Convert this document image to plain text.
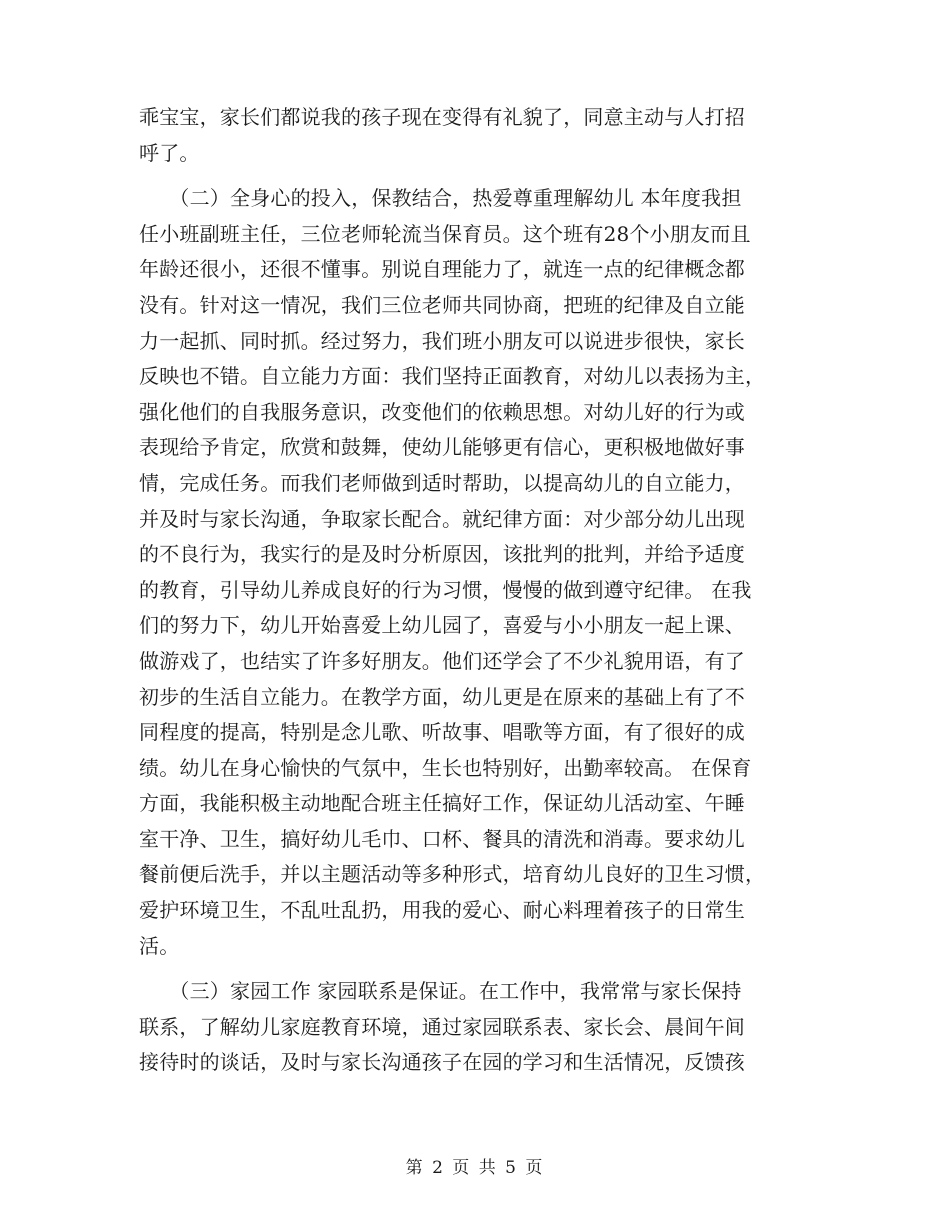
乖宝宝，家长们都说我的孩子现在变得有礼貌了，同意主动与人打招
呼了。
　　（二）全身心的投入，保教结合，热爱尊重理解幼儿 本年度我担
任小班副班主任，三位老师轮流当保育员。这个班有28个小朋友而且
年龄还很小，还很不懂事。别说自理能力了，就连一点的纪律概念都
没有。针对这一情况，我们三位老师共同协商，把班的纪律及自立能
力一起抓、同时抓。经过努力，我们班小朋友可以说进步很快，家长
反映也不错。自立能力方面：我们坚持正面教育，对幼儿以表扬为主，
强化他们的自我服务意识，改变他们的依赖思想。对幼儿好的行为或
表现给予肯定，欣赏和鼓舞，使幼儿能够更有信心，更积极地做好事
情，完成任务。而我们老师做到适时帮助，以提高幼儿的自立能力，
并及时与家长沟通，争取家长配合。就纪律方面：对少部分幼儿出现
的不良行为，我实行的是及时分析原因，该批判的批判，并给予适度
的教育，引导幼儿养成良好的行为习惯，慢慢的做到遵守纪律。 在我
们的努力下，幼儿开始喜爱上幼儿园了，喜爱与小小朋友一起上课、
做游戏了，也结实了许多好朋友。他们还学会了不少礼貌用语，有了
初步的生活自立能力。在教学方面，幼儿更是在原来的基础上有了不
同程度的提高，特别是念儿歌、听故事、唱歌等方面，有了很好的成
绩。幼儿在身心愉快的气氛中，生长也特别好，出勤率较高。 在保育
方面，我能积极主动地配合班主任搞好工作，保证幼儿活动室、午睡
室干净、卫生，搞好幼儿毛巾、口杯、餐具的清洗和消毒。要求幼儿
餐前便后洗手，并以主题活动等多种形式，培育幼儿良好的卫生习惯，
爱护环境卫生，不乱吐乱扔，用我的爱心、耐心料理着孩子的日常生
活。
　　（三）家园工作 家园联系是保证。在工作中，我常常与家长保持
联系，了解幼儿家庭教育环境，通过家园联系表、家长会、晨间午间
接待时的谈话，及时与家长沟通孩子在园的学习和生活情况，反馈孩
第 2 页 共 5 页
